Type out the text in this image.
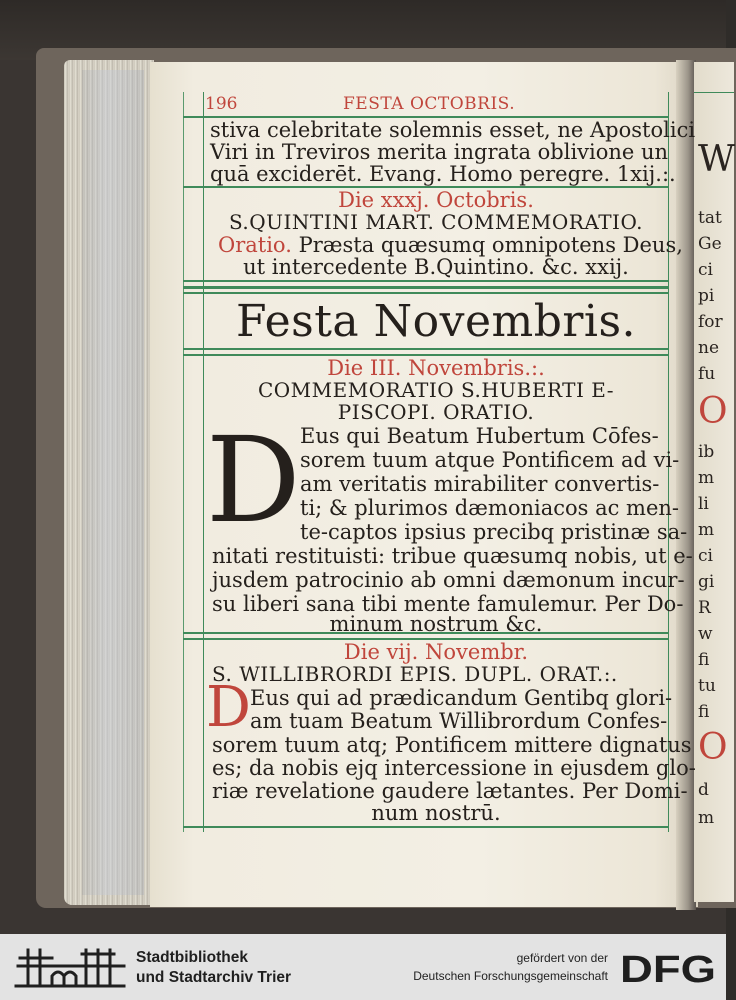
W
tat
Ge
ci
pi
for
ne
fu
O
ib
m
li
m
ci
gi
R
w
fi
tu
fi
O
d
m
196	FESTA OCTOBRIS.
stiva celebritate solemnis esset, ne Apostolici
Viri in Treviros merita ingrata oblivione un
quā exciderēt. Evang. Homo peregre. 1xij.:.
Die xxxj. Octobris.
S.QUINTINI MART. COMMEMORATIO.
Oratio. Præsta quæsumq omnipotens Deus,
ut intercedente B.Quintino. &c. xxij.
Festa Novembris.
Die III. Novembris.:.
COMMEMORATIO S.HUBERTI E-
PISCOPI. ORATIO.
D Eus qui Beatum Hubertum Cōfes-
sorem tuum atque Pontificem ad vi-
am veritatis mirabiliter convertis-
ti; & plurimos dæmoniacos ac men-
te-captos ipsius precibq pristinæ sa-
nitati restituisti: tribue quæsumq nobis, ut e-
jusdem patrocinio ab omni dæmonum incur-
su liberi sana tibi mente famulemur. Per Do-
minum nostrum &c.
Die vij. Novembr.
S. WILLIBRORDI EPIS. DUPL. ORAT.:.
D Eus qui ad prædicandum Gentibq glori-
am tuam Beatum Willibrordum Confes-
sorem tuum atq; Pontificem mittere dignatus
es; da nobis ejq intercessione in ejusdem glo-
riæ revelatione gaudere lætantes. Per Domi-
num nostrū.
Stadtbibliothek
und Stadtarchiv Trier
gefördert von der
Deutschen Forschungsgemeinschaft DFG
